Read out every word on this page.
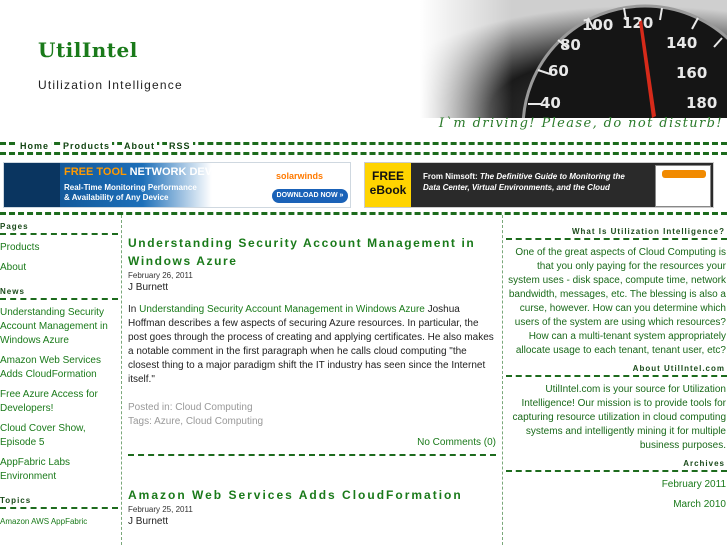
UtilIntel
Utilization Intelligence
I`m driving! Please, do not disturb!
Home Products About RSS
FREE TOOL NETWORK DEVICE MONITOR
Real-Time Monitoring Performance
& Availability of Any Device
solarwinds
DOWNLOAD NOW »
FREE
eBook
From Nimsoft: The Definitive Guide to Monitoring the
Data Center, Virtual Environments, and the Cloud
Pages
Products
About
News
Understanding Security Account Management in Windows Azure
Amazon Web Services Adds CloudFormation
Free Azure Access for Developers!
Cloud Cover Show, Episode 5
AppFabric Labs Environment
Topics
Amazon AWS AppFabric
Understanding Security Account Management in Windows Azure
February 26, 2011
J Burnett
In Understanding Security Account Management in Windows Azure Joshua Hoffman describes a few aspects of securing Azure resources. In particular, the post goes through the process of creating and applying certificates. He also makes a notable comment in the first paragraph when he calls cloud computing "the closest thing to a major paradigm shift the IT industry has seen since the Internet itself."
Posted in: Cloud Computing
Tags: Azure, Cloud Computing
No Comments (0)
Amazon Web Services Adds CloudFormation
February 25, 2011
J Burnett
What Is Utilization Intelligence?

One of the great aspects of Cloud Computing is that you only paying for the resources your system uses - disk space, compute time, network bandwidth, messages, etc. The blessing is also a curse, however. How can you determine which users of the system are using which resources? How can a multi-tenant system appropriately allocate usage to each tenant, tenant user, etc?

About UtilIntel.com

UtilIntel.com is your source for Utilization Intelligence! Our mission is to provide tools for capturing resource utilization in cloud computing systems and intelligently mining it for multiple business purposes.

Archives
February 2011
March 2010
